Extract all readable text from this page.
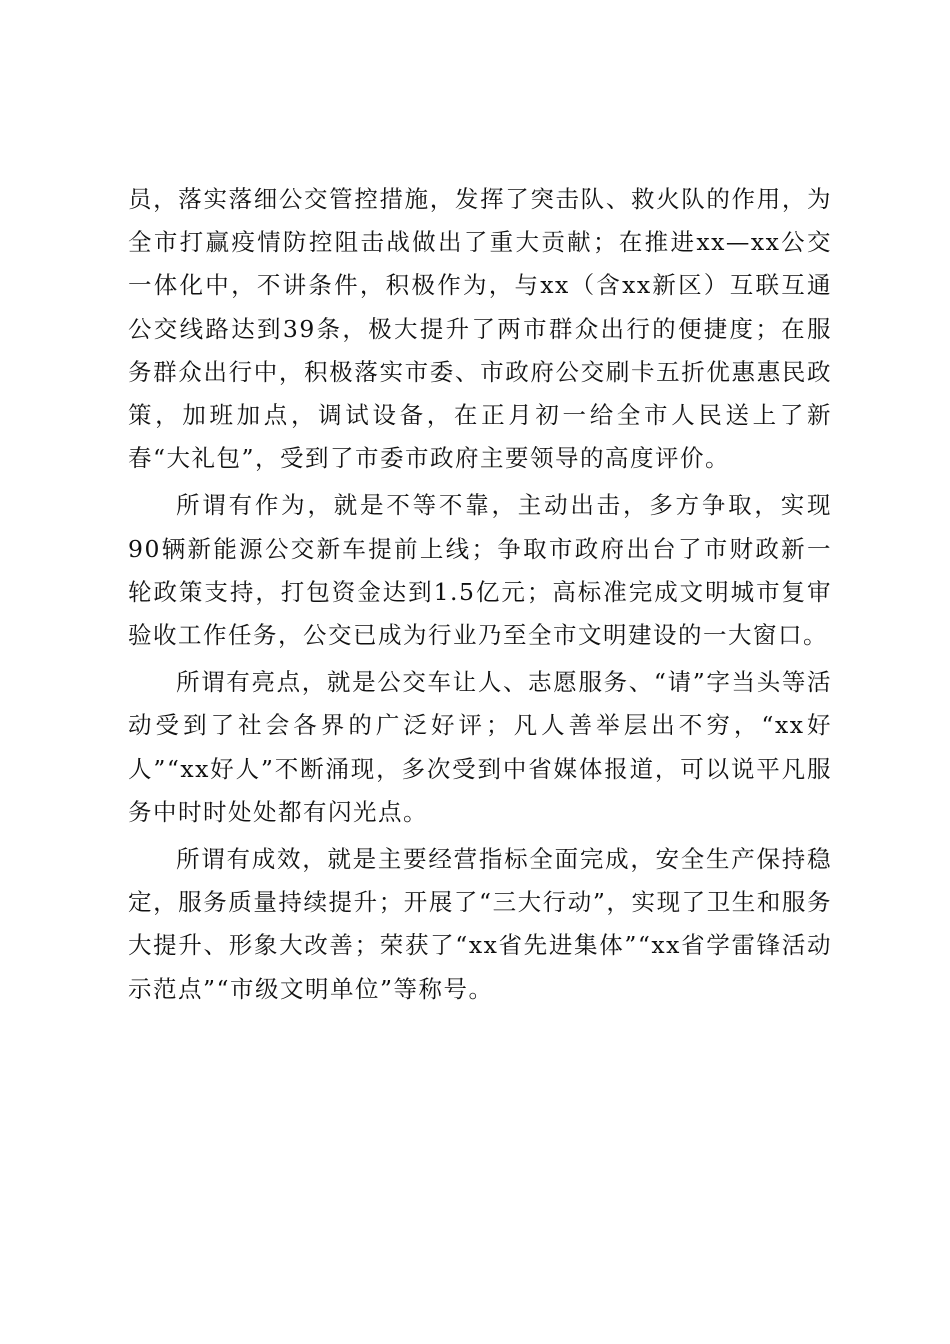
员，落实落细公交管控措施，发挥了突击队、救火队的作用，为全市打赢疫情防控阻击战做出了重大贡献；在推进xx—xx公交一体化中，不讲条件，积极作为，与xx（含xx新区）互联互通公交线路达到39条，极大提升了两市群众出行的便捷度；在服务群众出行中，积极落实市委、市政府公交刷卡五折优惠惠民政策，加班加点，调试设备，在正月初一给全市人民送上了新春“大礼包”，受到了市委市政府主要领导的高度评价。

所谓有作为，就是不等不靠，主动出击，多方争取，实现90辆新能源公交新车提前上线；争取市政府出台了市财政新一轮政策支持，打包资金达到1.5亿元；高标准完成文明城市复审验收工作任务，公交已成为行业乃至全市文明建设的一大窗口。

所谓有亮点，就是公交车让人、志愿服务、“请”字当头等活动受到了社会各界的广泛好评；凡人善举层出不穷，“xx好人”“xx好人”不断涌现，多次受到中省媒体报道，可以说平凡服务中时时处处都有闪光点。

所谓有成效，就是主要经营指标全面完成，安全生产保持稳定，服务质量持续提升；开展了“三大行动”，实现了卫生和服务大提升、形象大改善；荣获了“xx省先进集体”“xx省学雷锋活动示范点”“市级文明单位”等称号。
